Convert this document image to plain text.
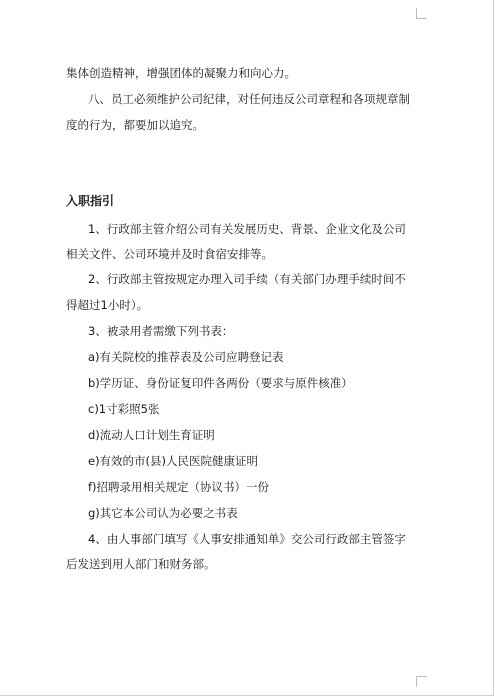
集体创造精神，增强团体的凝聚力和向心力。
八、员工必须维护公司纪律，对任何违反公司章程和各项规章制
度的行为，都要加以追究。
入职指引
1、行政部主管介绍公司有关发展历史、背景、企业文化及公司
相关文件、公司环境并及时食宿安排等。
2、行政部主管按规定办理入司手续（有关部门办理手续时间不
得超过1小时）。
3、被录用者需缴下列书表：
a)有关院校的推荐表及公司应聘登记表
b)学历证、身份证复印件各两份（要求与原件核准）
c)1寸彩照5张
d)流动人口计划生育证明
e)有效的市(县)人民医院健康证明
f)招聘录用相关规定（协议书）一份
g)其它本公司认为必要之书表
4、由人事部门填写《人事安排通知单》交公司行政部主管签字
后发送到用人部门和财务部。
